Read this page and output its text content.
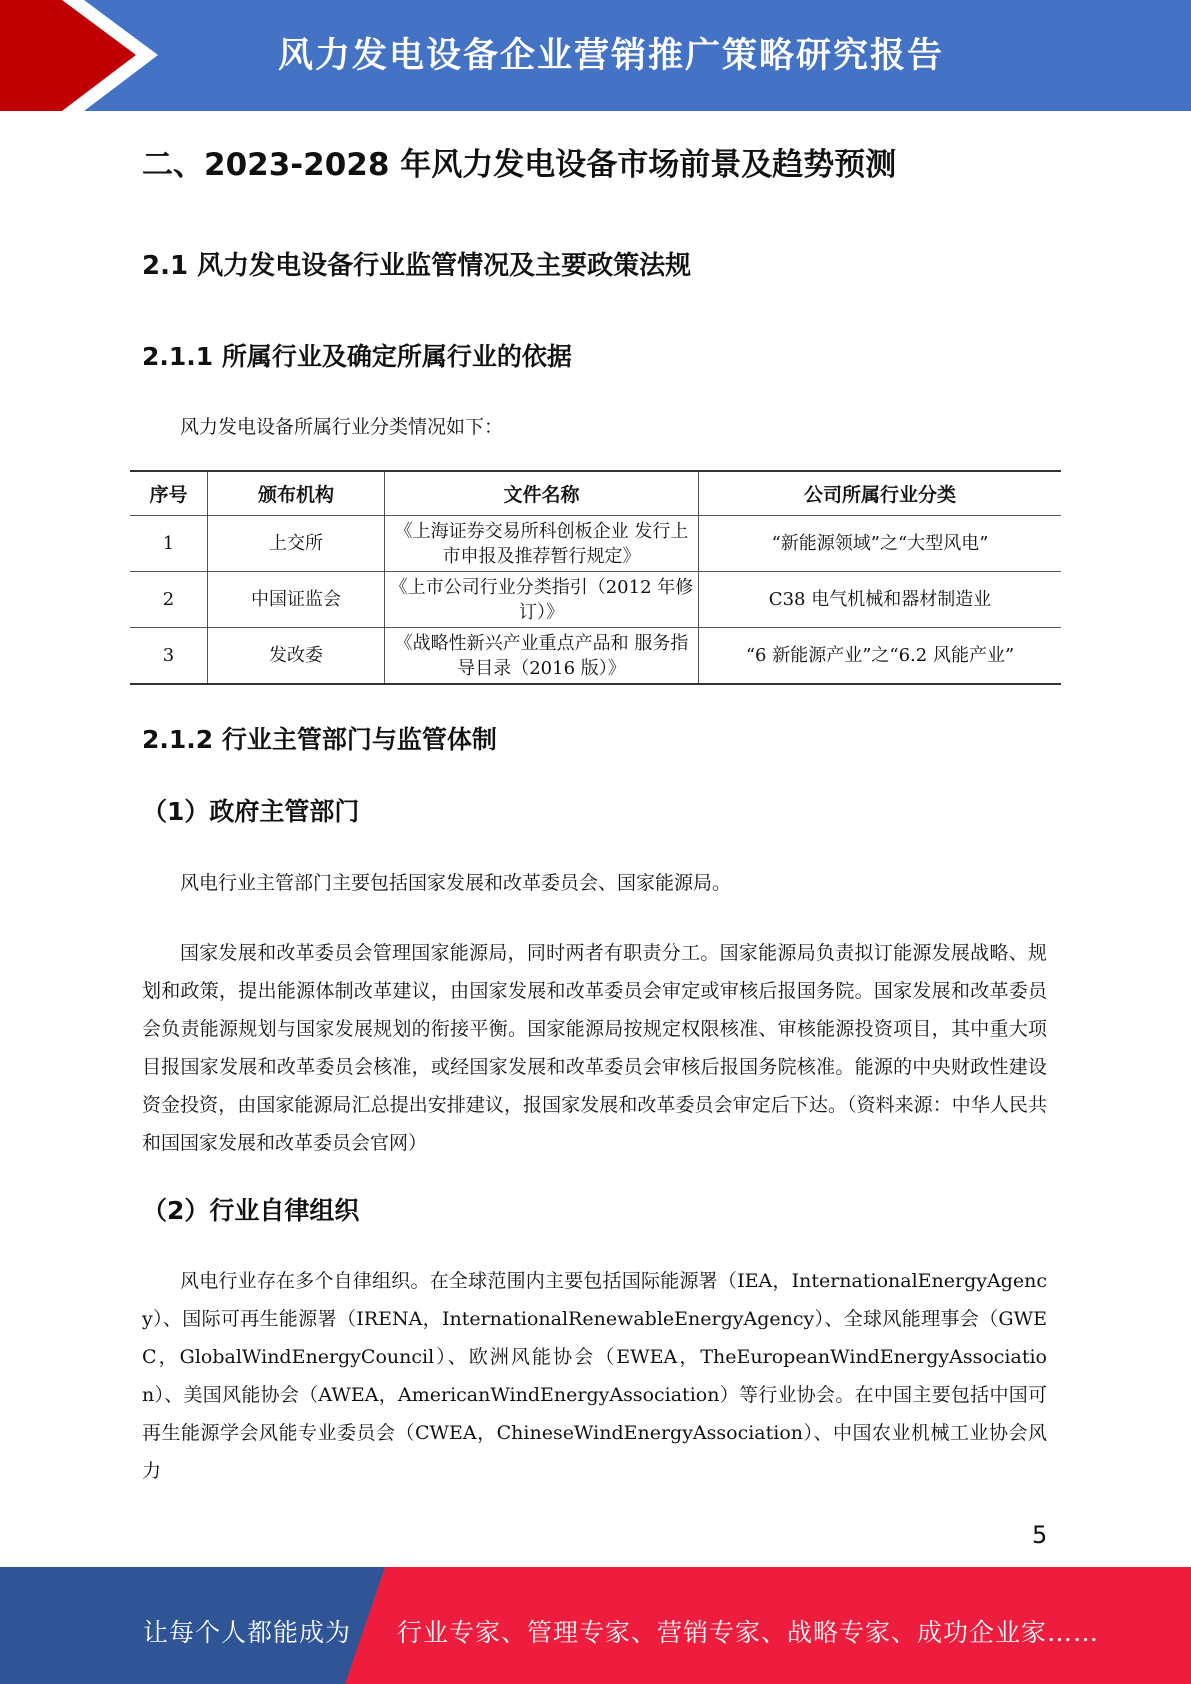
风力发电设备企业营销推广策略研究报告
二、2023-2028 年风力发电设备市场前景及趋势预测
2.1 风力发电设备行业监管情况及主要政策法规
2.1.1 所属行业及确定所属行业的依据

风力发电设备所属行业分类情况如下：

序号	颁布机构	文件名称	公司所属行业分类
1	上交所	《上海证券交易所科创板企业 发行上市申报及推荐暂行规定》	“新能源领域”之“大型风电”
2	中国证监会	《上市公司行业分类指引（2012 年修订）》	C38 电气机械和器材制造业
3	发改委	《战略性新兴产业重点产品和 服务指导目录（2016 版）》	“6 新能源产业”之“6.2 风能产业”
2.1.2 行业主管部门与监管体制
（1）政府主管部门

风电行业主管部门主要包括国家发展和改革委员会、国家能源局。

国家发展和改革委员会管理国家能源局，同时两者有职责分工。国家能源局负责拟订能源发展战略、规划和政策，提出能源体制改革建议，由国家发展和改革委员会审定或审核后报国务院。国家发展和改革委员会负责能源规划与国家发展规划的衔接平衡。国家能源局按规定权限核准、审核能源投资项目，其中重大项目报国家发展和改革委员会核准，或经国家发展和改革委员会审核后报国务院核准。能源的中央财政性建设资金投资，由国家能源局汇总提出安排建议，报国家发展和改革委员会审定后下达。（资料来源：中华人民共和国国家发展和改革委员会官网）

（2）行业自律组织

风电行业存在多个自律组织。在全球范围内主要包括国际能源署（IEA，InternationalEnergyAgency）、国际可再生能源署（IRENA，InternationalRenewableEnergyAgency）、全球风能理事会（GWEC，GlobalWindEnergyCouncil）、欧洲风能协会（EWEA，TheEuropeanWindEnergyAssociation）、美国风能协会（AWEA，AmericanWindEnergyAssociation）等行业协会。在中国主要包括中国可再生能源学会风能专业委员会（CWEA，ChineseWindEnergyAssociation）、中国农业机械工业协会风力

5
让每个人都能成为 行业专家、管理专家、营销专家、战略专家、成功企业家……
